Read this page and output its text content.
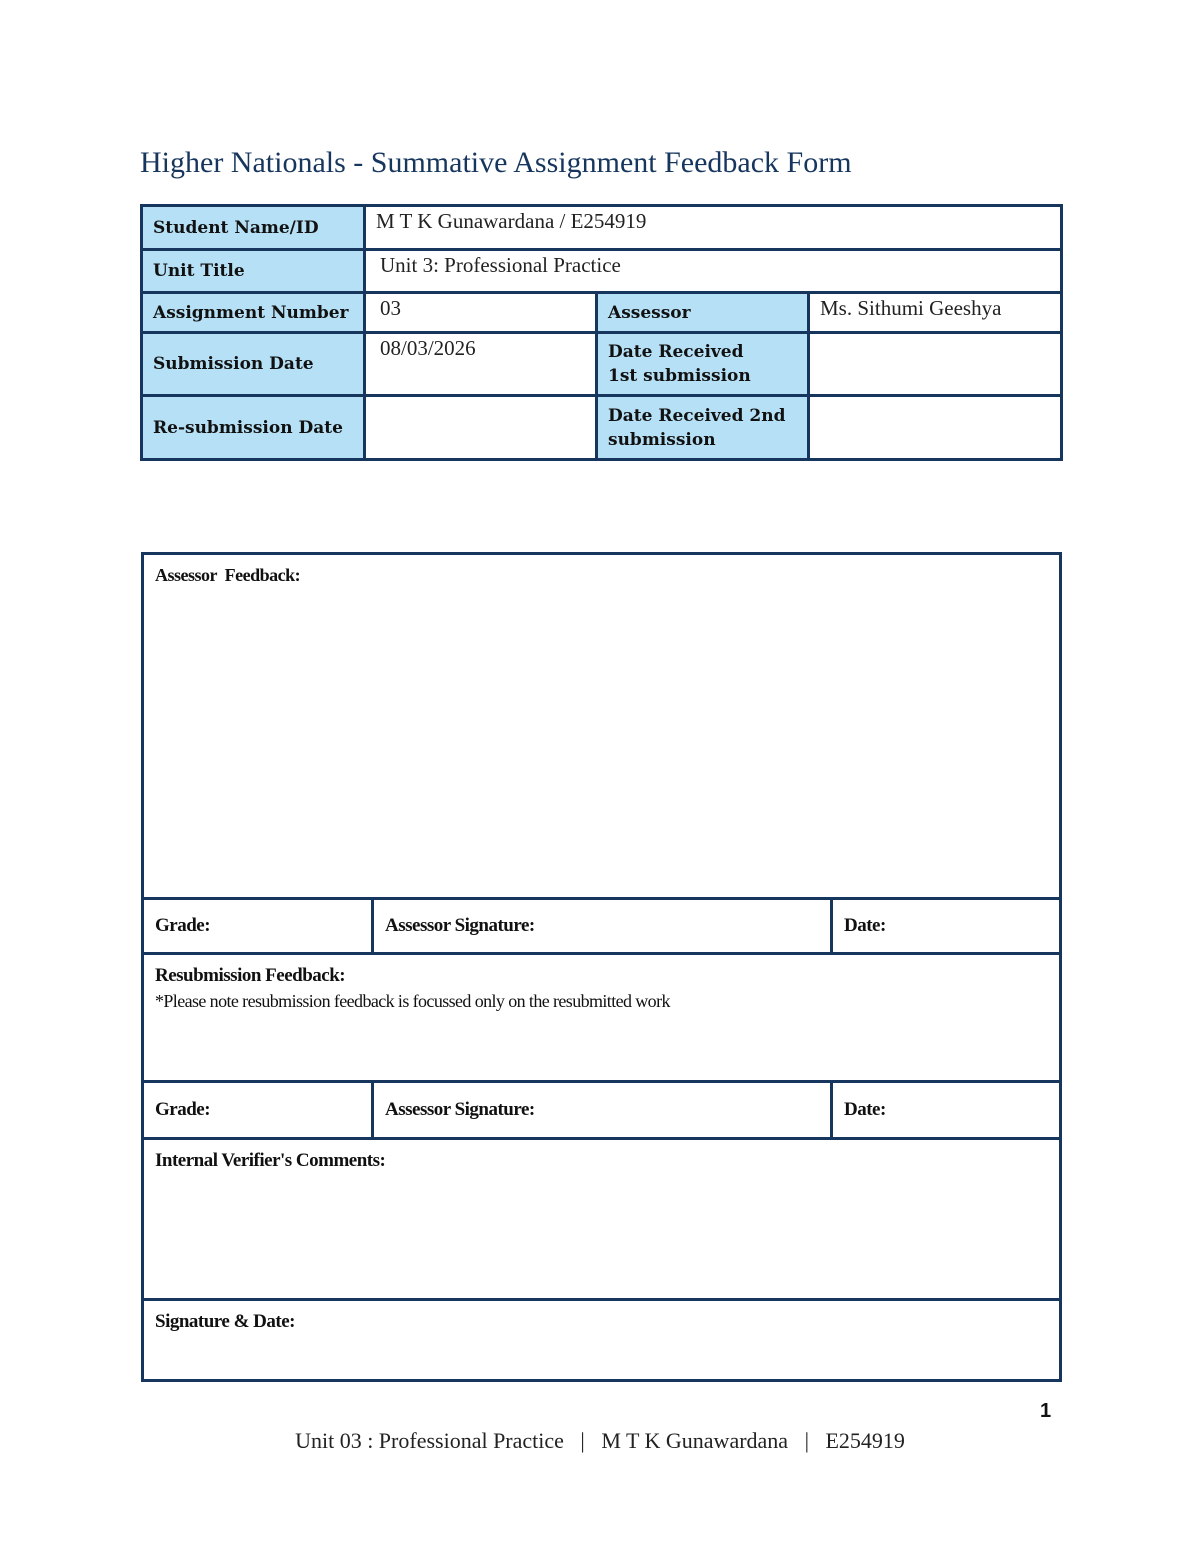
Higher Nationals - Summative Assignment Feedback Form
Student Name/ID	M T K Gunawardana / E254919		
Unit Title	Unit 3: Professional Practice		
Assignment Number	03	Assessor	Ms. Sithumi Geeshya
Submission Date	08/03/2026	Date Received
1st submission	

Re-submission Date		Date Received 2nd
submission	

Assessor  Feedback:		

Grade:	Assessor Signature:	Date:

Resubmission Feedback:
*Please note resubmission feedback is focussed only on the resubmitted work		

Grade:	Assessor Signature:	Date:

Internal Verifier's Comments:		

Signature & Date:		
1
Unit 03 : Professional Practice   |   M T K Gunawardana   |   E254919
